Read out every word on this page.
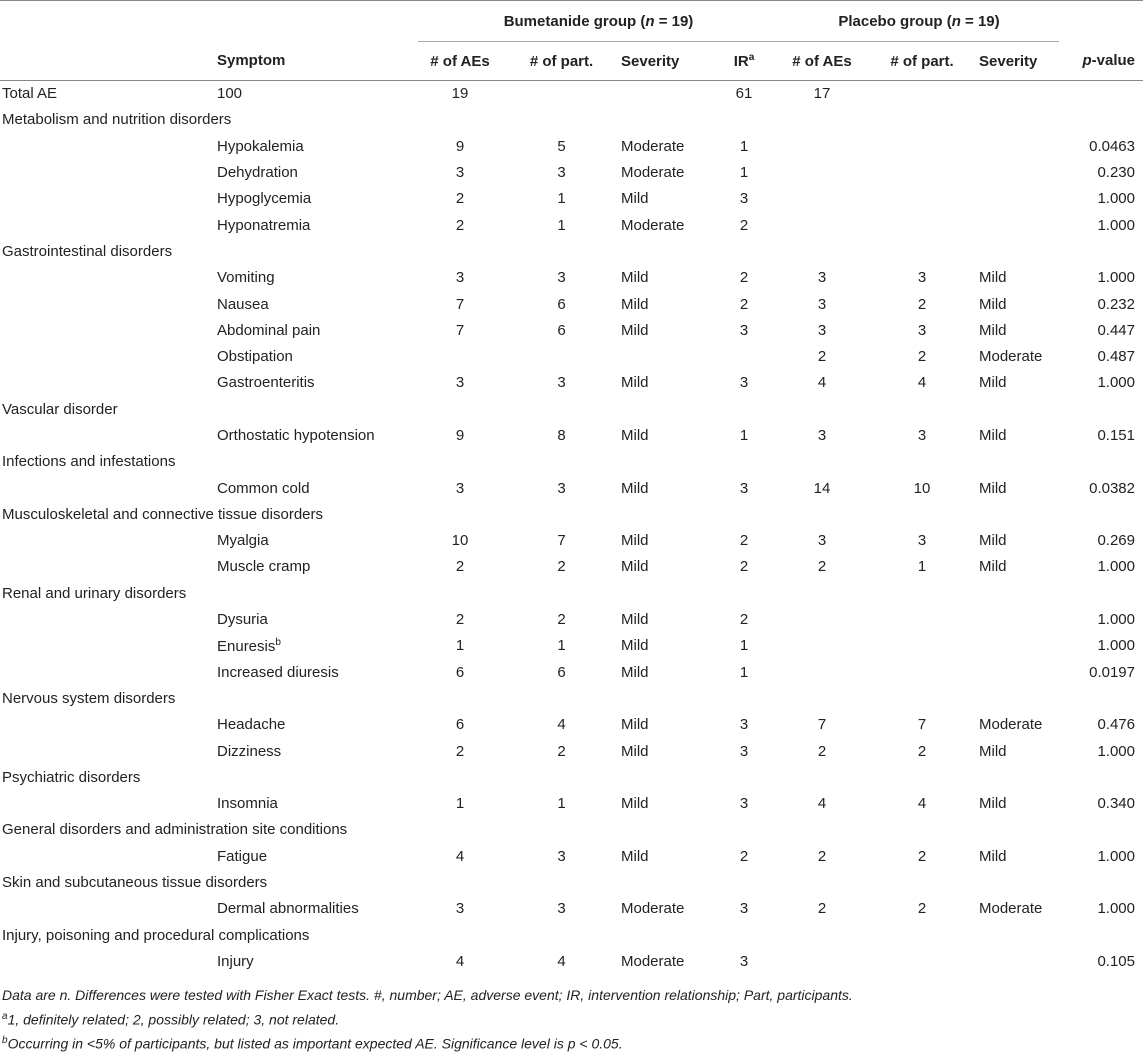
		Bumetanide group (n = 19)				Placebo group (n = 19)			
	Symptom	# of AEs	# of part.	Severity	$IR^a$	# of AEs	# of part.	Severity	p-value
Total AE	100	19			61	17			
Metabolism and nutrition disorders									
	Hypokalemia	9	5	Moderate	1				0.0463
	Dehydration	3	3	Moderate	1				0.230
	Hypoglycemia	2	1	Mild	3				1.000
	Hyponatremia	2	1	Moderate	2				1.000
Gastrointestinal disorders									
	Vomiting	3	3	Mild	2	3	3	Mild	1.000
	Nausea	7	6	Mild	2	3	2	Mild	0.232
	Abdominal pain	7	6	Mild	3	3	3	Mild	0.447
	Obstipation					2	2	Moderate	0.487
	Gastroenteritis	3	3	Mild	3	4	4	Mild	1.000
Vascular disorder									
	Orthostatic hypotension	9	8	Mild	1	3	3	Mild	0.151
Infections and infestations									
	Common cold	3	3	Mild	3	14	10	Mild	0.0382
Musculoskeletal and connective tissue disorders									
	Myalgia	10	7	Mild	2	3	3	Mild	0.269
	Muscle cramp	2	2	Mild	2	2	1	Mild	1.000
Renal and urinary disorders									
	Dysuria	2	2	Mild	2				1.000
	Enuresis$^b$	1	1	Mild	1				1.000
	Increased diuresis	6	6	Mild	1				0.0197
Nervous system disorders									
	Headache	6	4	Mild	3	7	7	Moderate	0.476
	Dizziness	2	2	Mild	3	2	2	Mild	1.000
Psychiatric disorders									
	Insomnia	1	1	Mild	3	4	4	Mild	0.340
General disorders and administration site conditions									
	Fatigue	4	3	Mild	2	2	2	Mild	1.000
Skin and subcutaneous tissue disorders									
	Dermal abnormalities	3	3	Moderate	3	2	2	Moderate	1.000
Injury, poisoning and procedural complications									
	Injury	4	4	Moderate	3				0.105
Data are n. Differences were tested with Fisher Exact tests. #, number; AE, adverse event; IR, intervention relationship; Part, participants.
$^a$1, definitely related; 2, possibly related; 3, not related.
$^b$Occurring in <5% of participants, but listed as important expected AE. Significance level is p < 0.05.
